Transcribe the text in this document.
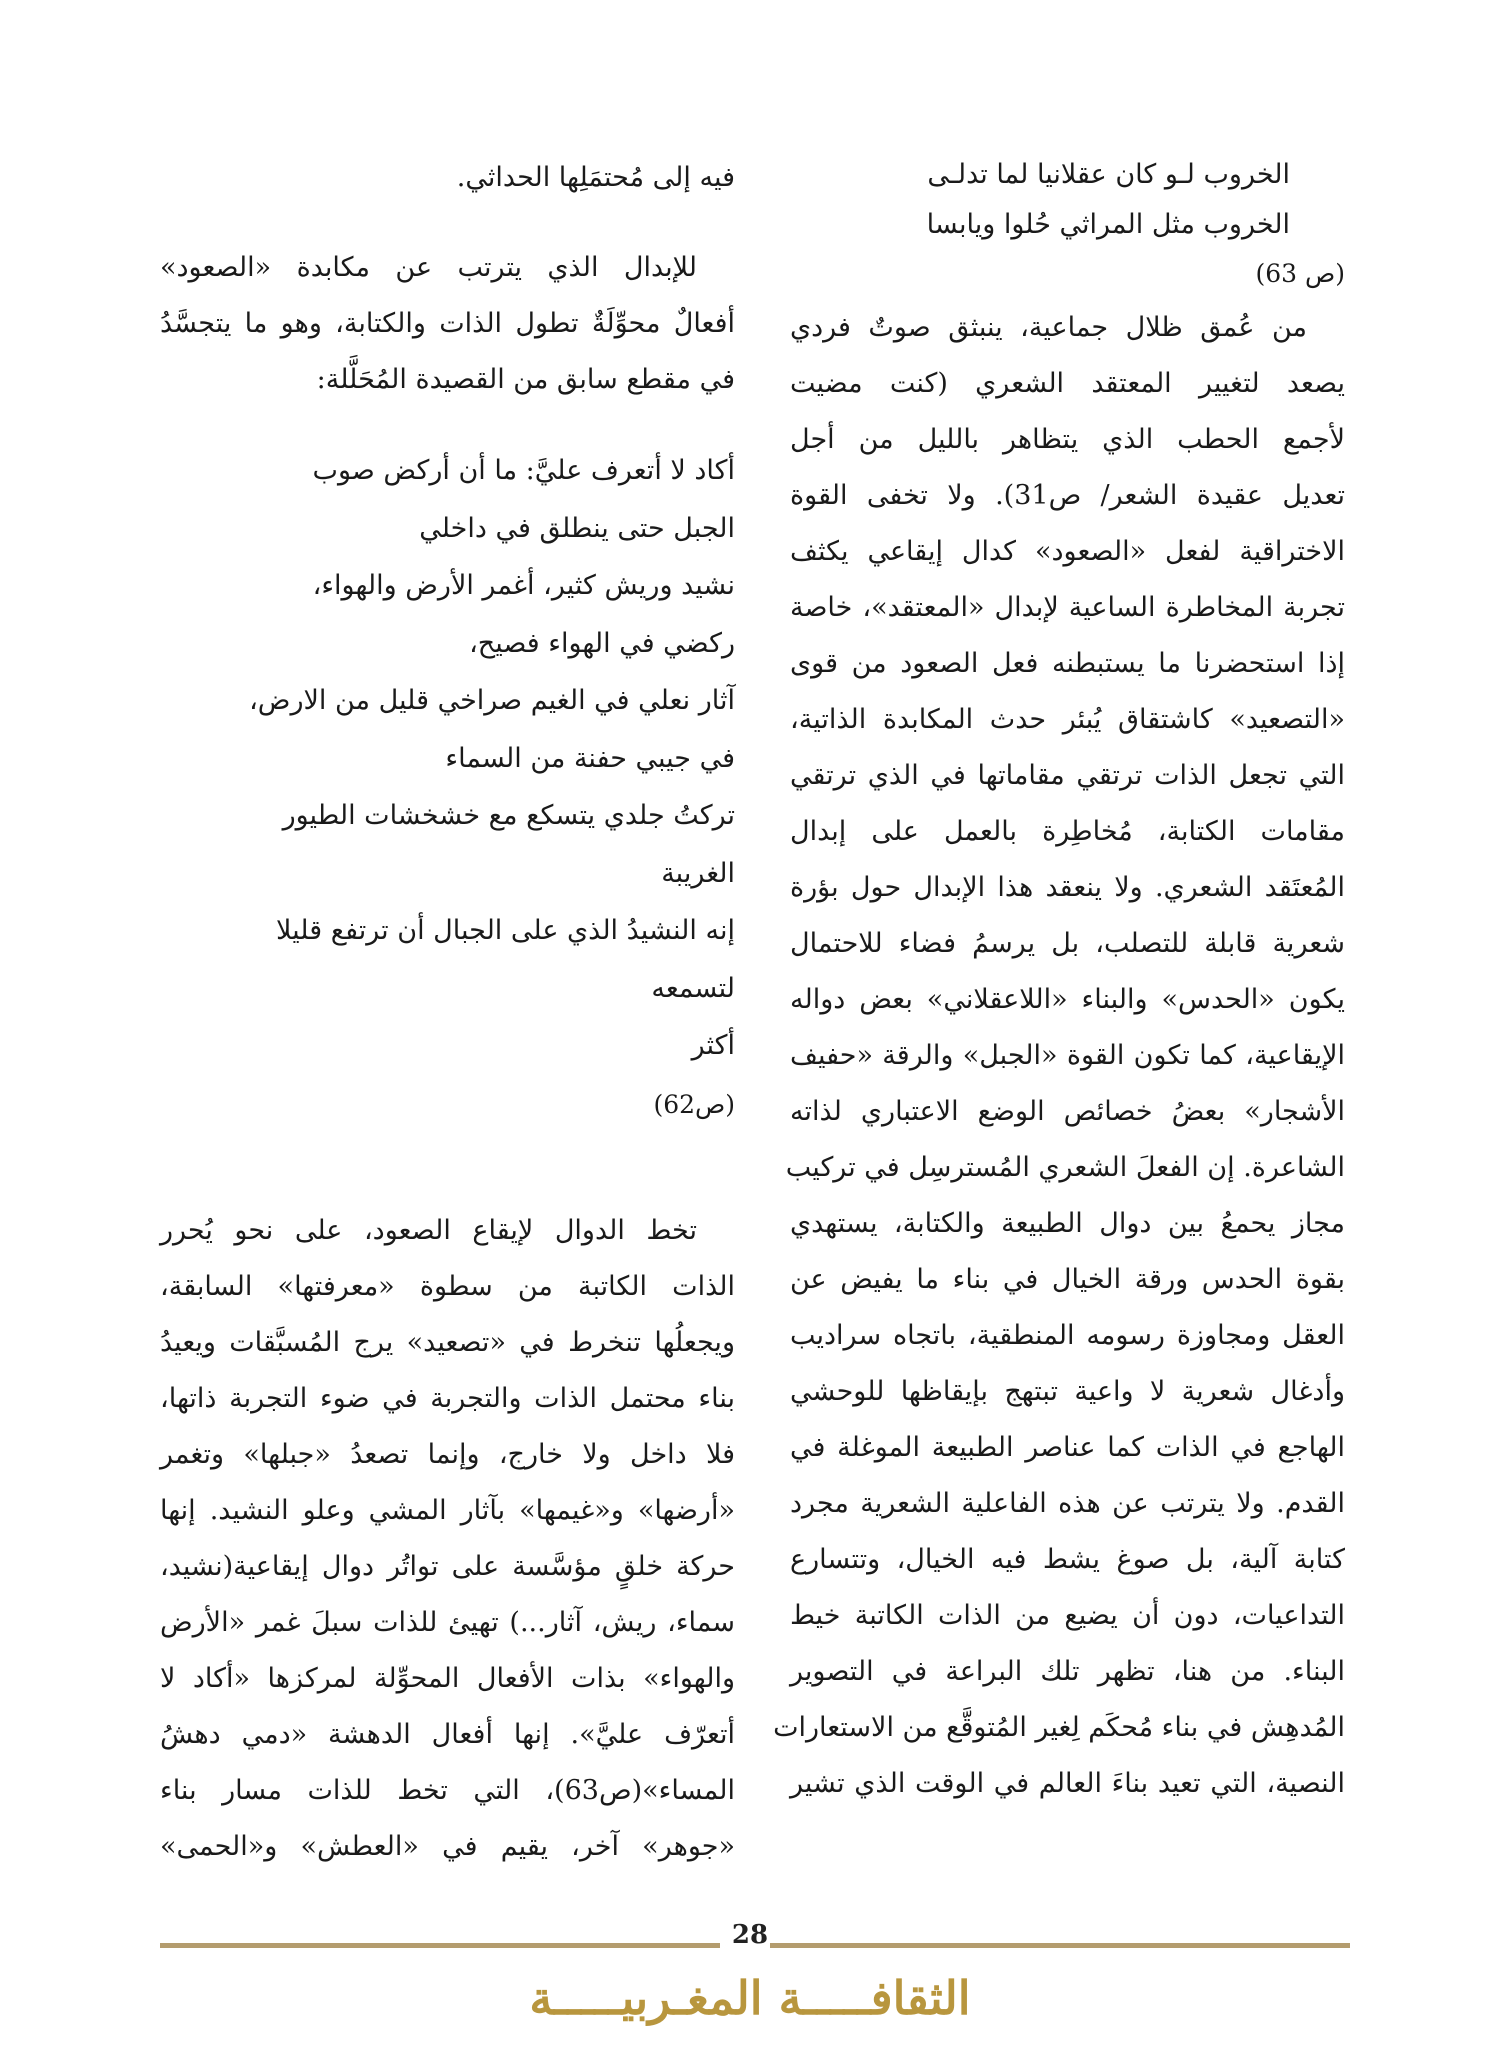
الخروب لـو كان عقلانيا لما تدلـى
الخروب مثل المراثي حُلوا ويابسا
(ص 63)
من عُمق ظلال جماعية، ينبثق صوتٌ فردي
يصعد لتغيير المعتقد الشعري (كنت مضيت
لأجمع الحطب الذي يتظاهر بالليل من أجل
تعديل عقيدة الشعر/ ص31). ولا تخفى القوة
الاختراقية لفعل «الصعود» كدال إيقاعي يكثف
تجربة المخاطرة الساعية لإبدال «المعتقد»، خاصة
إذا استحضرنا ما يستبطنه فعل الصعود من قوى
«التصعيد» كاشتقاق يُبئر حدث المكابدة الذاتية،
التي تجعل الذات ترتقي مقاماتها في الذي ترتقي
مقامات الكتابة، مُخاطِرة بالعمل على إبدال
المُعتَقد الشعري. ولا ينعقد هذا الإبدال حول بؤرة
شعرية قابلة للتصلب، بل يرسمُ فضاء للاحتمال
يكون «الحدس» والبناء «اللاعقلاني» بعض دواله
الإيقاعية، كما تكون القوة «الجبل» والرقة «حفيف
الأشجار» بعضُ خصائص الوضع الاعتباري لذاته
الشاعرة. إن الفعلَ الشعري المُسترسِل في تركيب
مجاز يحمعُ بين دوال الطبيعة والكتابة، يستهدي
بقوة الحدس ورقة الخيال في بناء ما يفيض عن
العقل ومجاوزة رسومه المنطقية، باتجاه سراديب
وأدغال شعرية لا واعية تبتهج بإيقاظها للوحشي
الهاجع في الذات كما عناصر الطبيعة الموغلة في
القدم. ولا يترتب عن هذه الفاعلية الشعرية مجرد
كتابة آلية، بل صوغ يشط فيه الخيال، وتتسارع
التداعيات، دون أن يضيع من الذات الكاتبة خيط
البناء. من هنا، تظهر تلك البراعة في التصوير
المُدهِش في بناء مُحكَم لِغير المُتوقَّع من الاستعارات
النصية، التي تعيد بناءَ العالم في الوقت الذي تشير
فيه إلى مُحتمَلِها الحداثي.
للإبدال الذي يترتب عن مكابدة «الصعود»
أفعالٌ محوِّلَةٌ تطول الذات والكتابة، وهو ما يتجسَّدُ
في مقطع سابق من القصيدة المُحَلَّلة:
أكاد لا أتعرف عليَّ: ما أن أركض صوب
الجبل حتى ينطلق في داخلي
نشيد وريش كثير، أغمر الأرض والهواء،
ركضي في الهواء فصيح،
آثار نعلي في الغيم صراخي قليل من الارض،
في جيبي حفنة من السماء
تركتُ جلدي يتسكع مع خشخشات الطيور
الغريبة
إنه النشيدُ الذي على الجبال أن ترتفع قليلا
لتسمعه
أكثر
(ص62)
تخط الدوال لإيقاع الصعود، على نحو يُحرر
الذات الكاتبة من سطوة «معرفتها» السابقة،
ويجعلُها تنخرط في «تصعيد» يرج المُسبَّقات ويعيدُ
بناء محتمل الذات والتجربة في ضوء التجربة ذاتها،
فلا داخل ولا خارج، وإنما تصعدُ «جبلها» وتغمر
«أرضها» و«غيمها» بآثار المشي وعلو النشيد. إنها
حركة خلقٍ مؤسَّسة على تواتُر دوال إيقاعية(نشيد،
سماء، ريش، آثار...) تهيئ للذات سبلَ غمر «الأرض
والهواء» بذات الأفعال المحوِّلة لمركزها «أكاد لا
أتعرّف عليَّ». إنها أفعال الدهشة «دمي دهشُ
المساء»(ص63)، التي تخط للذات مسار بناء
«جوهر» آخر، يقيم في «العطش» و«الحمى»
28
الثقافـــــة المغـربيـــــة
